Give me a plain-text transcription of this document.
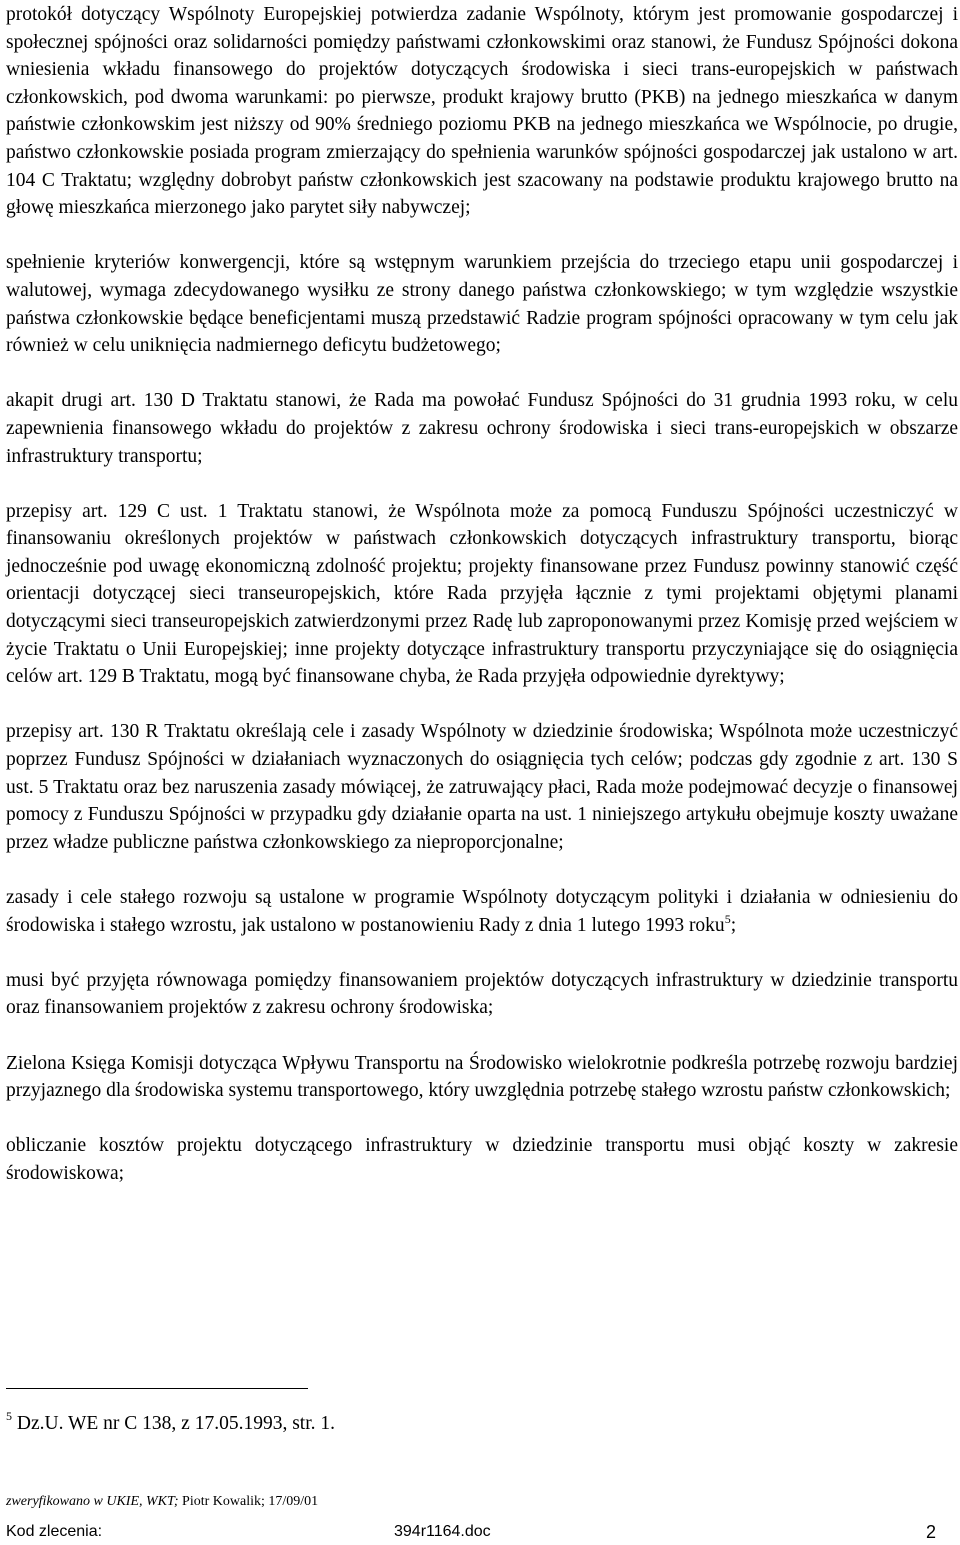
protokół dotyczący Wspólnoty Europejskiej potwierdza zadanie Wspólnoty, którym jest promowanie gospodarczej i społecznej spójności oraz solidarności pomiędzy państwami członkowskimi oraz stanowi, że Fundusz Spójności dokona wniesienia wkładu finansowego do projektów dotyczących środowiska i sieci trans-europejskich w państwach członkowskich, pod dwoma warunkami: po pierwsze, produkt krajowy brutto (PKB) na jednego mieszkańca w danym państwie członkowskim jest niższy od 90% średniego poziomu PKB na jednego mieszkańca we Wspólnocie, po drugie, państwo członkowskie posiada program zmierzający do spełnienia warunków spójności gospodarczej jak ustalono w art. 104 C Traktatu; względny dobrobyt państw członkowskich jest szacowany na podstawie produktu krajowego brutto na głowę mieszkańca mierzonego jako parytet siły nabywczej;

spełnienie kryteriów konwergencji, które są wstępnym warunkiem przejścia do trzeciego etapu unii gospodarczej i walutowej, wymaga zdecydowanego wysiłku ze strony danego państwa członkowskiego; w tym względzie wszystkie państwa członkowskie będące beneficjentami muszą przedstawić Radzie program spójności opracowany w tym celu jak również w celu uniknięcia nadmiernego deficytu budżetowego;

akapit drugi art. 130 D Traktatu stanowi, że Rada ma powołać Fundusz Spójności do 31 grudnia 1993 roku, w celu zapewnienia finansowego wkładu do projektów z zakresu ochrony środowiska i sieci trans-europejskich w obszarze infrastruktury transportu;

przepisy art. 129 C ust. 1 Traktatu stanowi, że Wspólnota może za pomocą Funduszu Spójności uczestniczyć w finansowaniu określonych projektów w państwach członkowskich dotyczących infrastruktury transportu, biorąc jednocześnie pod uwagę ekonomiczną zdolność projektu; projekty finansowane przez Fundusz powinny stanowić część orientacji dotyczącej sieci transeuropejskich, które Rada przyjęła łącznie z tymi projektami objętymi planami dotyczącymi sieci transeuropejskich zatwierdzonymi przez Radę lub zaproponowanymi przez Komisję przed wejściem w życie Traktatu o Unii Europejskiej; inne projekty dotyczące infrastruktury transportu przyczyniające się do osiągnięcia celów art. 129 B Traktatu, mogą być finansowane chyba, że Rada przyjęła odpowiednie dyrektywy;

przepisy art. 130 R Traktatu określają cele i zasady Wspólnoty w dziedzinie środowiska; Wspólnota może uczestniczyć poprzez Fundusz Spójności w działaniach wyznaczonych do osiągnięcia tych celów; podczas gdy zgodnie z art. 130 S ust. 5 Traktatu oraz bez naruszenia zasady mówiącej, że zatruwający płaci, Rada może podejmować decyzje o finansowej pomocy z Funduszu Spójności w przypadku gdy działanie oparta na ust. 1 niniejszego artykułu obejmuje koszty uważane przez władze publiczne państwa członkowskiego za nieproporcjonalne;

zasady i cele stałego rozwoju są ustalone w programie Wspólnoty dotyczącym polityki i działania w odniesieniu do środowiska i stałego wzrostu, jak ustalono w postanowieniu Rady z dnia 1 lutego 1993 roku$^5$;

musi być przyjęta równowaga pomiędzy finansowaniem projektów dotyczących infrastruktury w dziedzinie transportu oraz finansowaniem projektów z zakresu ochrony środowiska;

Zielona Księga Komisji dotycząca Wpływu Transportu na Środowisko wielokrotnie podkreśla potrzebę rozwoju bardziej przyjaznego dla środowiska systemu transportowego, który uwzględnia potrzebę stałego wzrostu państw członkowskich;

obliczanie kosztów projektu dotyczącego infrastruktury w dziedzinie transportu musi objąć koszty w zakresie środowiskowa;

$^5$ Dz.U. WE nr C 138, z 17.05.1993, str. 1.
zweryfikowano w UKIE, WKT; Piotr Kowalik; 17/09/01
Kod zlecenia:	394r1164.doc	2
